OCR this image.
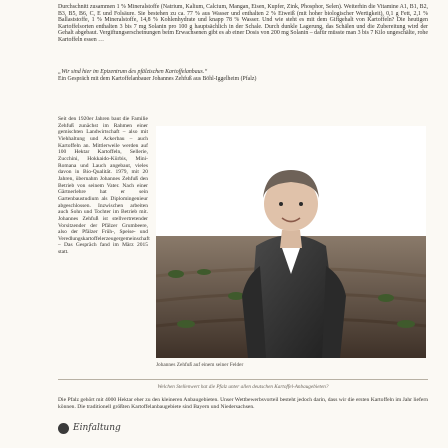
Durchschnitt zusammen 1 % Mineralstoffe (Natrium, Kalium, Calcium, Mangan, Eisen, Kupfer, Zink, Phosphor, Selen). Weiterhin die Vitamine A1, B1, B2, B3, B5, B6, C, E und Folsäure. Sie bestehen zu ca. 77 % aus Wasser und enthalten 2 % Eiweiß (mit hoher biologischer Wertigkeit), 0,1 g Fett, 2,1 % Ballaststoffe, 1 % Mineralstoffe, 14,8 % Kohlenhydrate und knapp 78 % Wasser. Und wie steht es mit dem Giftgehalt von Kartoffeln? Die heutigen Kartoffelsorten enthalten 3 bis 7 mg Solanin pro 100 g hauptsächlich in der Schale. Durch dunkle Lagerung, das Schälen und die Zubereitung wird der Gehalt abgebaut. Vergiftungserscheinungen beim Erwachsenen gibt es ab einer Dosis von 200 mg Solanin – dafür müsste man 3 bis 7 Kilo ungeschälte, rohe Kartoffeln essen …

„Wir sind hier im Epizentrum des pfälzischen Kartoffelanbaus.“
Ein Gespräch mit dem Kartoffelanbauer Johannes Zehfuß aus Böhl-Iggelheim (Pfalz)

Seit den 1920er Jahren baut die Familie Zehfuß zunächst im Rahmen einer gemischten Landwirtschaft – also mit Viehhaltung und Ackerbau – auch Kartoffeln an. Mittlerweile werden auf 100 Hektar Kartoffeln, Sellerie, Zucchini, Hokkaido-Kürbis, Mini-Romana und Lauch angebaut, vieles davon in Bio-Qualität. 1979, mit 20 Jahren, übernahm Johannes Zehfuß den Betrieb von seinem Vater. Nach einer Gärtnerlehre hat er sein Gartenbaustudium als Diplomingenieur abgeschlossen. Inzwischen arbeiten auch Sohn und Tochter im Betrieb mit. Johannes Zehfuß ist stellvertretender Vorsitzender der Pfälzer Grumbeere, also der Pfälzer Früh-, Speise- und Veredlungskartoffelerzeugergemeinschaft – Das Gespräch fand im März 2015 statt.

Johannes Zehfuß auf einem seiner Felder

Welchen Stellenwert hat die Pfalz unter allen deutschen Kartoffel-Anbaugebieten?

Die Pfalz gehört mit 4000 Hektar eher zu den kleineren Anbaugebieten. Unser Wettbewerbsvorteil besteht jedoch darin, dass wir die ersten Kartoffeln im Jahr liefern können. Die traditionell größten Kartoffelanbaugebiete sind Bayern und Niedersachsen.

Einfaltung
